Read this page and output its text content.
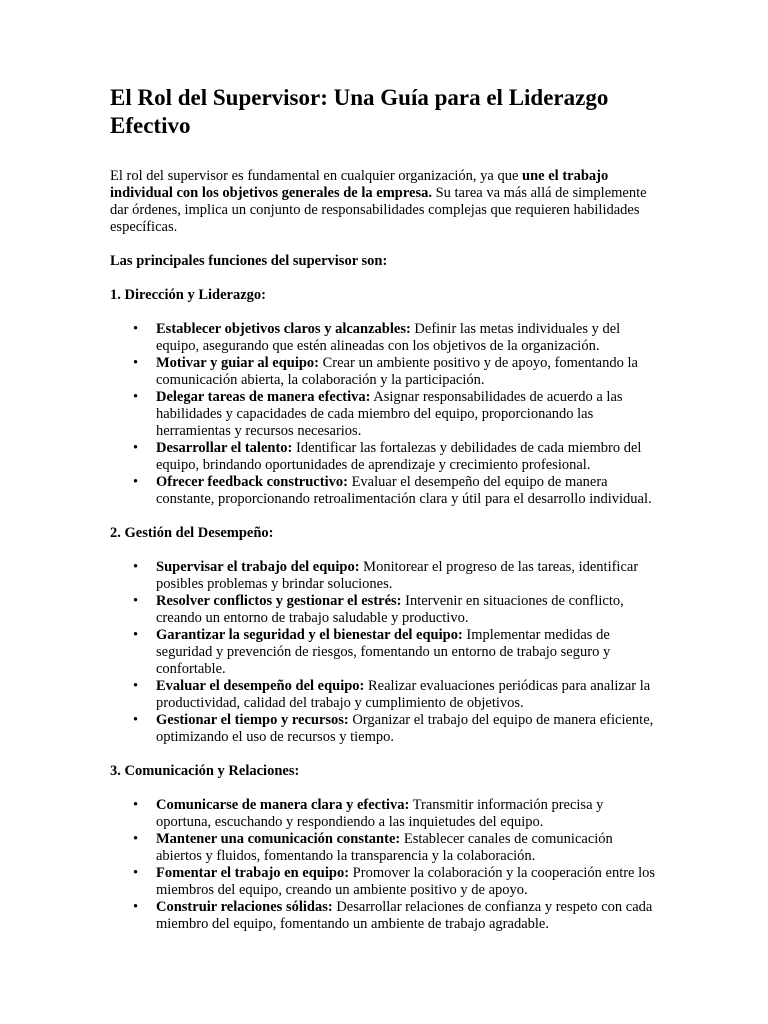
El Rol del Supervisor: Una Guía para el Liderazgo Efectivo

El rol del supervisor es fundamental en cualquier organización, ya que une el trabajo individual con los objetivos generales de la empresa. Su tarea va más allá de simplemente dar órdenes, implica un conjunto de responsabilidades complejas que requieren habilidades específicas.

Las principales funciones del supervisor son:

1. Dirección y Liderazgo:

• Establecer objetivos claros y alcanzables: Definir las metas individuales y del equipo, asegurando que estén alineadas con los objetivos de la organización.
• Motivar y guiar al equipo: Crear un ambiente positivo y de apoyo, fomentando la comunicación abierta, la colaboración y la participación.
• Delegar tareas de manera efectiva: Asignar responsabilidades de acuerdo a las habilidades y capacidades de cada miembro del equipo, proporcionando las herramientas y recursos necesarios.
• Desarrollar el talento: Identificar las fortalezas y debilidades de cada miembro del equipo, brindando oportunidades de aprendizaje y crecimiento profesional.
• Ofrecer feedback constructivo: Evaluar el desempeño del equipo de manera constante, proporcionando retroalimentación clara y útil para el desarrollo individual.

2. Gestión del Desempeño:

• Supervisar el trabajo del equipo: Monitorear el progreso de las tareas, identificar posibles problemas y brindar soluciones.
• Resolver conflictos y gestionar el estrés: Intervenir en situaciones de conflicto, creando un entorno de trabajo saludable y productivo.
• Garantizar la seguridad y el bienestar del equipo: Implementar medidas de seguridad y prevención de riesgos, fomentando un entorno de trabajo seguro y confortable.
• Evaluar el desempeño del equipo: Realizar evaluaciones periódicas para analizar la productividad, calidad del trabajo y cumplimiento de objetivos.
• Gestionar el tiempo y recursos: Organizar el trabajo del equipo de manera eficiente, optimizando el uso de recursos y tiempo.

3. Comunicación y Relaciones:

• Comunicarse de manera clara y efectiva: Transmitir información precisa y oportuna, escuchando y respondiendo a las inquietudes del equipo.
• Mantener una comunicación constante: Establecer canales de comunicación abiertos y fluidos, fomentando la transparencia y la colaboración.
• Fomentar el trabajo en equipo: Promover la colaboración y la cooperación entre los miembros del equipo, creando un ambiente positivo y de apoyo.
• Construir relaciones sólidas: Desarrollar relaciones de confianza y respeto con cada miembro del equipo, fomentando un ambiente de trabajo agradable.
